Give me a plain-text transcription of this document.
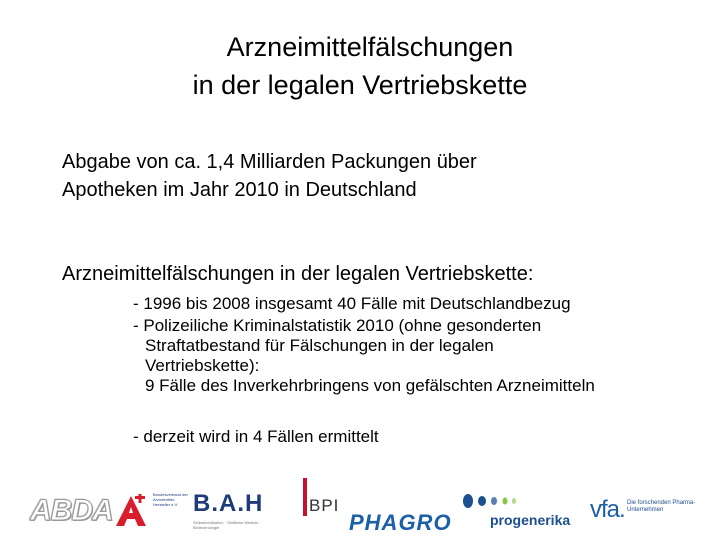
Arzneimittelfälschungen
in der legalen Vertriebskette
Abgabe von ca. 1,4 Milliarden Packungen über
Apotheken im Jahr 2010 in Deutschland
Arzneimittelfälschungen in der legalen Vertriebskette:
- 1996 bis 2008 insgesamt 40 Fälle mit Deutschlandbezug
- Polizeiliche Kriminalstatistik 2010 (ohne gesonderten
Straftatbestand für Fälschungen in der legalen
Vertriebskette):
9 Fälle des Inverkehrbringens von gefälschten Arzneimitteln
- derzeit wird in 4 Fällen ermittelt
ABDA	Bundesverband der Arzneimittel-Hersteller e.V. B.A.H
Selbstmedikation · Stoffliche Medizin · Biotechnologie
BPI
PHAGRO	progenerika vfa. Die forschenden Pharma-Unternehmen
